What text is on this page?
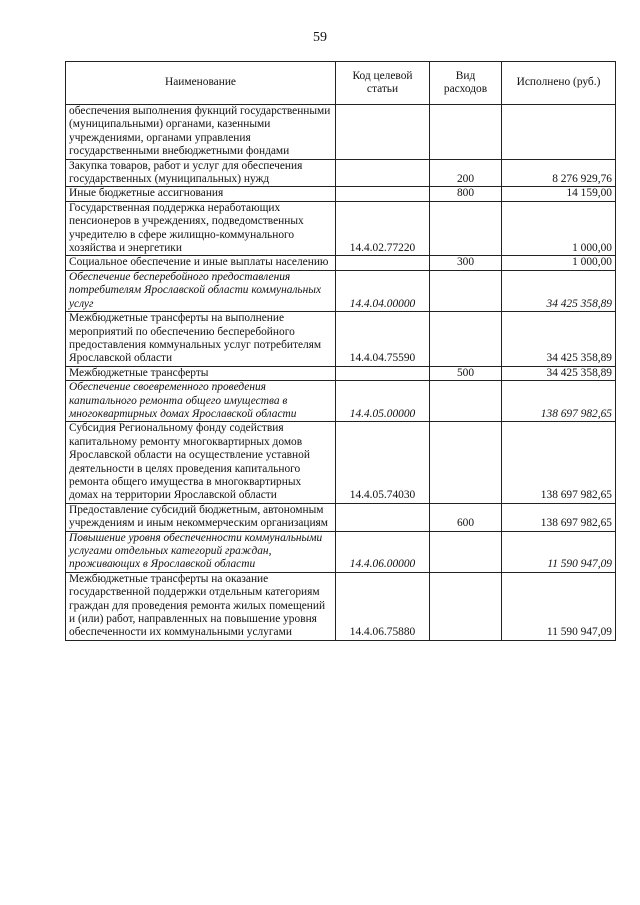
59
Наименование	Код целевой статьи	Вид расходов	Исполнено (руб.)
обеспечения выполнения фукнций государственными (муниципальными) органами, казенными учреждениями, органами управления государственными внебюджетными фондами			
Закупка товаров, работ и услуг для обеспечения государственных (муниципальных) нужд		200	8 276 929,76
Иные бюджетные ассигнования		800	14 159,00
Государственная поддержка неработающих пенсионеров в учреждениях, подведомственных учредителю в сфере жилищно-коммунального хозяйства и энергетики	14.4.02.77220		1 000,00
Социальное обеспечение и иные выплаты населению		300	1 000,00
Обеспечение бесперебойного предоставления потребителям Ярославской области коммунальных услуг	14.4.04.00000		34 425 358,89
Межбюджетные трансферты на выполнение мероприятий по обеспечению бесперебойного предоставления коммунальных услуг потребителям Ярославской области	14.4.04.75590		34 425 358,89
Межбюджетные трансферты		500	34 425 358,89
Обеспечение своевременного проведения капитального ремонта общего имущества в многоквартирных домах Ярославской области	14.4.05.00000		138 697 982,65
Субсидия Региональному фонду содействия капитальному ремонту многоквартирных домов Ярославской области на осуществление уставной деятельности в целях проведения капитального ремонта общего имущества в многоквартирных домах на территории Ярославской области	14.4.05.74030		138 697 982,65
Предоставление субсидий бюджетным, автономным учреждениям и иным некоммерческим организациям		600	138 697 982,65
Повышение уровня обеспеченности коммунальными услугами отдельных категорий граждан, проживающих в Ярославской области	14.4.06.00000		11 590 947,09
Межбюджетные трансферты на оказание государственной поддержки отдельным категориям граждан для проведения ремонта жилых помещений и (или) работ, направленных на повышение уровня обеспеченности их коммунальными услугами	14.4.06.75880		11 590 947,09
